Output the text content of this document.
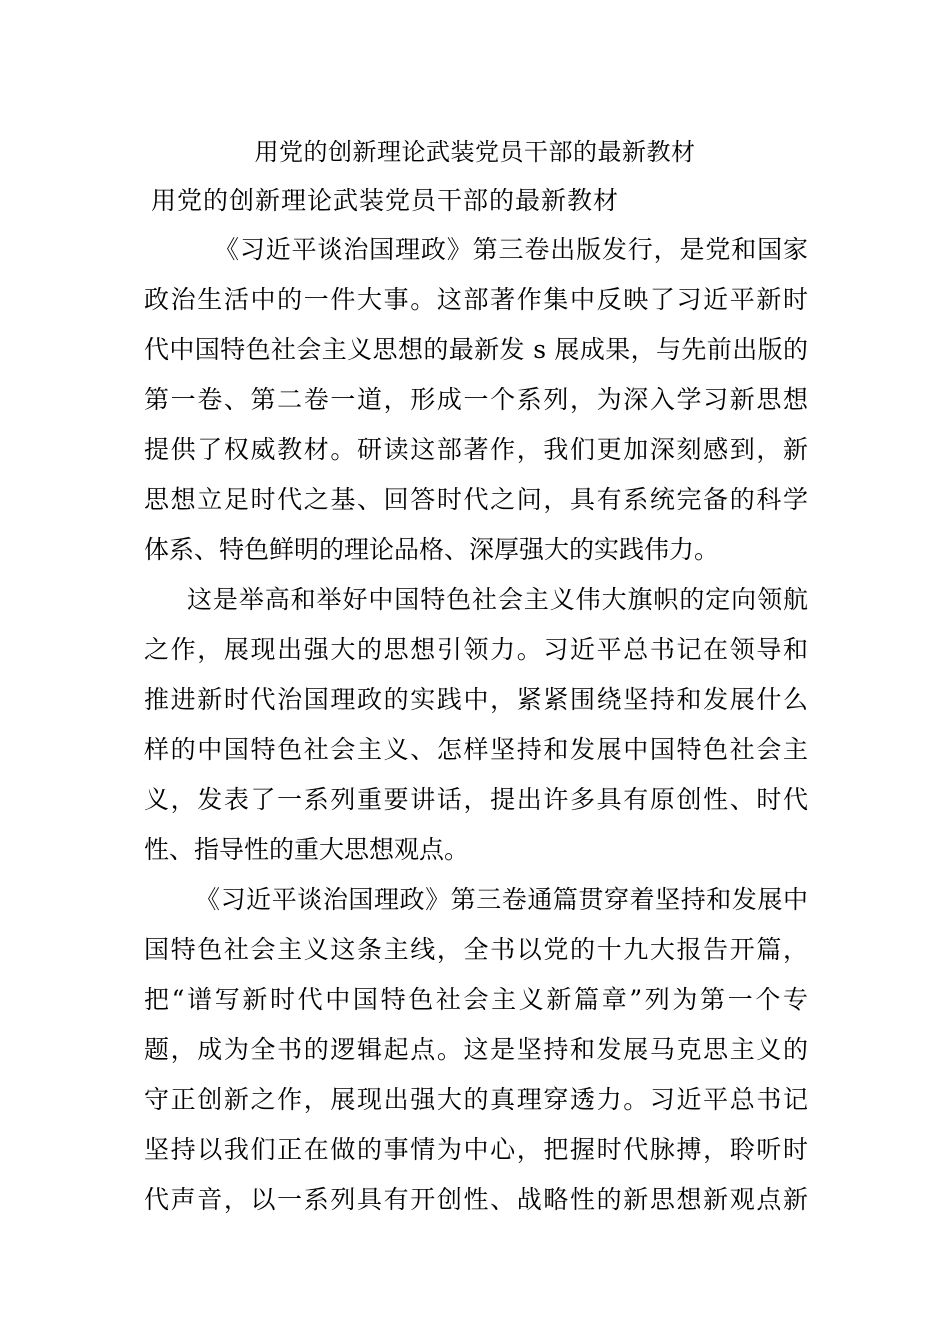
用党的创新理论武装党员干部的最新教材
用党的创新理论武装党员干部的最新教材
《习近平谈治国理政》第三卷出版发行，是党和国家
政治生活中的一件大事。这部著作集中反映了习近平新时
代中国特色社会主义思想的最新发 s 展成果，与先前出版的
第一卷、第二卷一道，形成一个系列，为深入学习新思想
提供了权威教材。研读这部著作，我们更加深刻感到，新
思想立足时代之基、回答时代之问，具有系统完备的科学
体系、特色鲜明的理论品格、深厚强大的实践伟力。
这是举高和举好中国特色社会主义伟大旗帜的定向领航
之作，展现出强大的思想引领力。习近平总书记在领导和
推进新时代治国理政的实践中，紧紧围绕坚持和发展什么
样的中国特色社会主义、怎样坚持和发展中国特色社会主
义，发表了一系列重要讲话，提出许多具有原创性、时代
性、指导性的重大思想观点。
《习近平谈治国理政》第三卷通篇贯穿着坚持和发展中
国特色社会主义这条主线，全书以党的十九大报告开篇，
把“谱写新时代中国特色社会主义新篇章”列为第一个专
题，成为全书的逻辑起点。这是坚持和发展马克思主义的
守正创新之作，展现出强大的真理穿透力。习近平总书记
坚持以我们正在做的事情为中心，把握时代脉搏，聆听时
代声音，以一系列具有开创性、战略性的新思想新观点新
